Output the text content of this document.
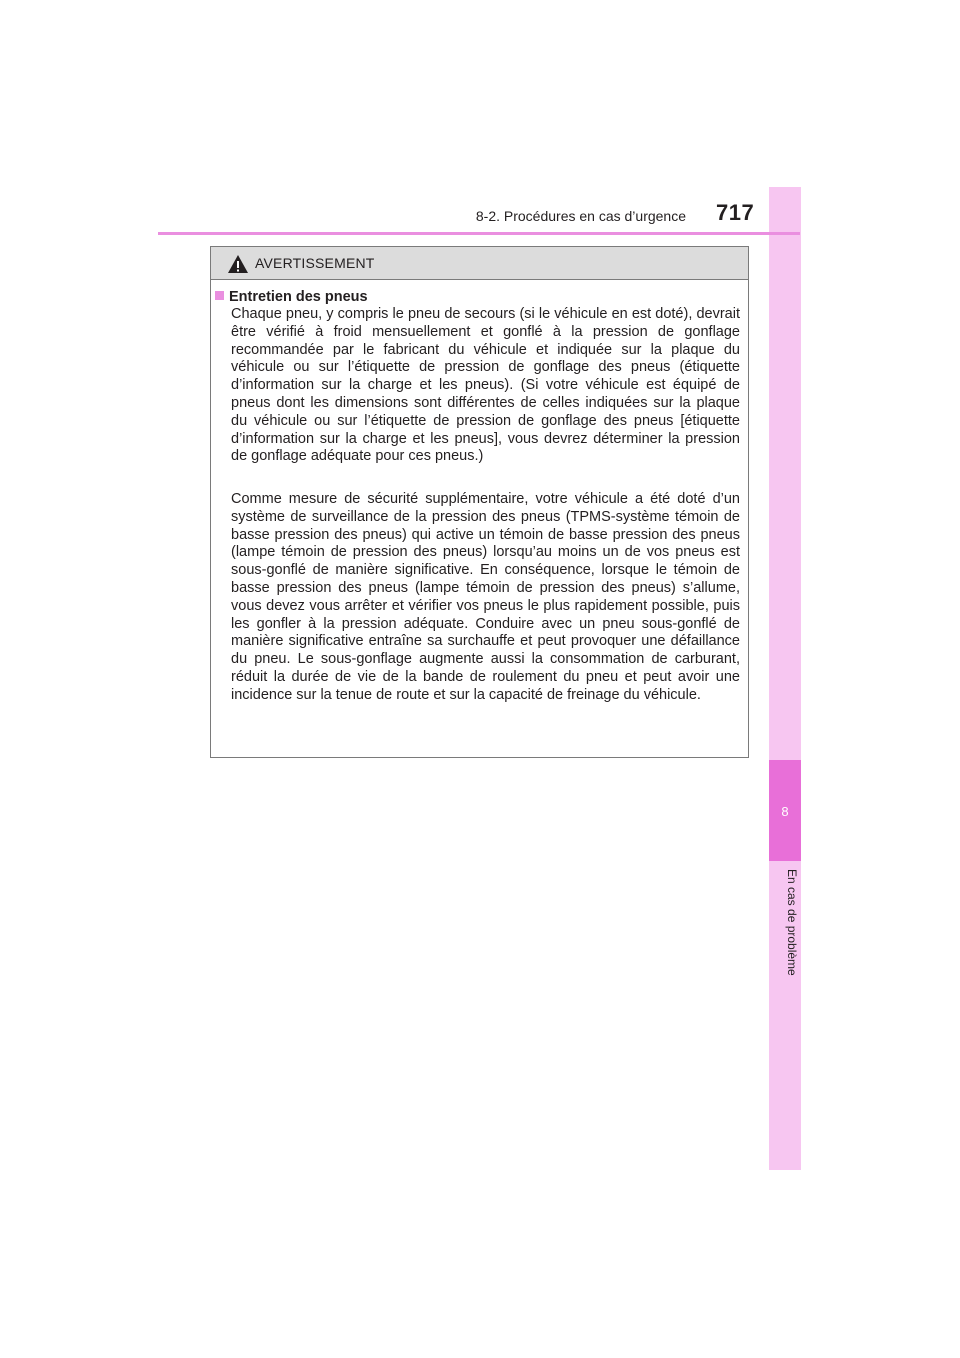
8
En cas de problème
8-2. Procédures en cas d’urgence 717
AVERTISSEMENT
Entretien des pneus

Chaque pneu, y compris le pneu de secours (si le véhicule en est doté), devrait être vérifié à froid mensuellement et gonflé à la pression de gonflage recommandée par le fabricant du véhicule et indiquée sur la plaque du véhicule ou sur l’étiquette de pression de gonflage des pneus (étiquette d’information sur la charge et les pneus). (Si votre véhicule est équipé de pneus dont les dimensions sont différentes de celles indiquées sur la plaque du véhicule ou sur l’étiquette de pression de gonflage des pneus [étiquette d’information sur la charge et les pneus], vous devrez déterminer la pression de gonflage adéquate pour ces pneus.)

Comme mesure de sécurité supplémentaire, votre véhicule a été doté d’un système de surveillance de la pression des pneus (TPMS-système témoin de basse pression des pneus) qui active un témoin de basse pression des pneus (lampe témoin de pression des pneus) lorsqu’au moins un de vos pneus est sous-gonflé de manière significative. En conséquence, lorsque le témoin de basse pression des pneus (lampe témoin de pression des pneus) s’allume, vous devez vous arrêter et vérifier vos pneus le plus rapidement possible, puis les gonfler à la pression adéquate. Conduire avec un pneu sous-gonflé de manière significative entraîne sa surchauffe et peut provoquer une défaillance du pneu. Le sous-gonflage augmente aussi la consommation de carburant, réduit la durée de vie de la bande de roulement du pneu et peut avoir une incidence sur la tenue de route et sur la capacité de freinage du véhicule.
